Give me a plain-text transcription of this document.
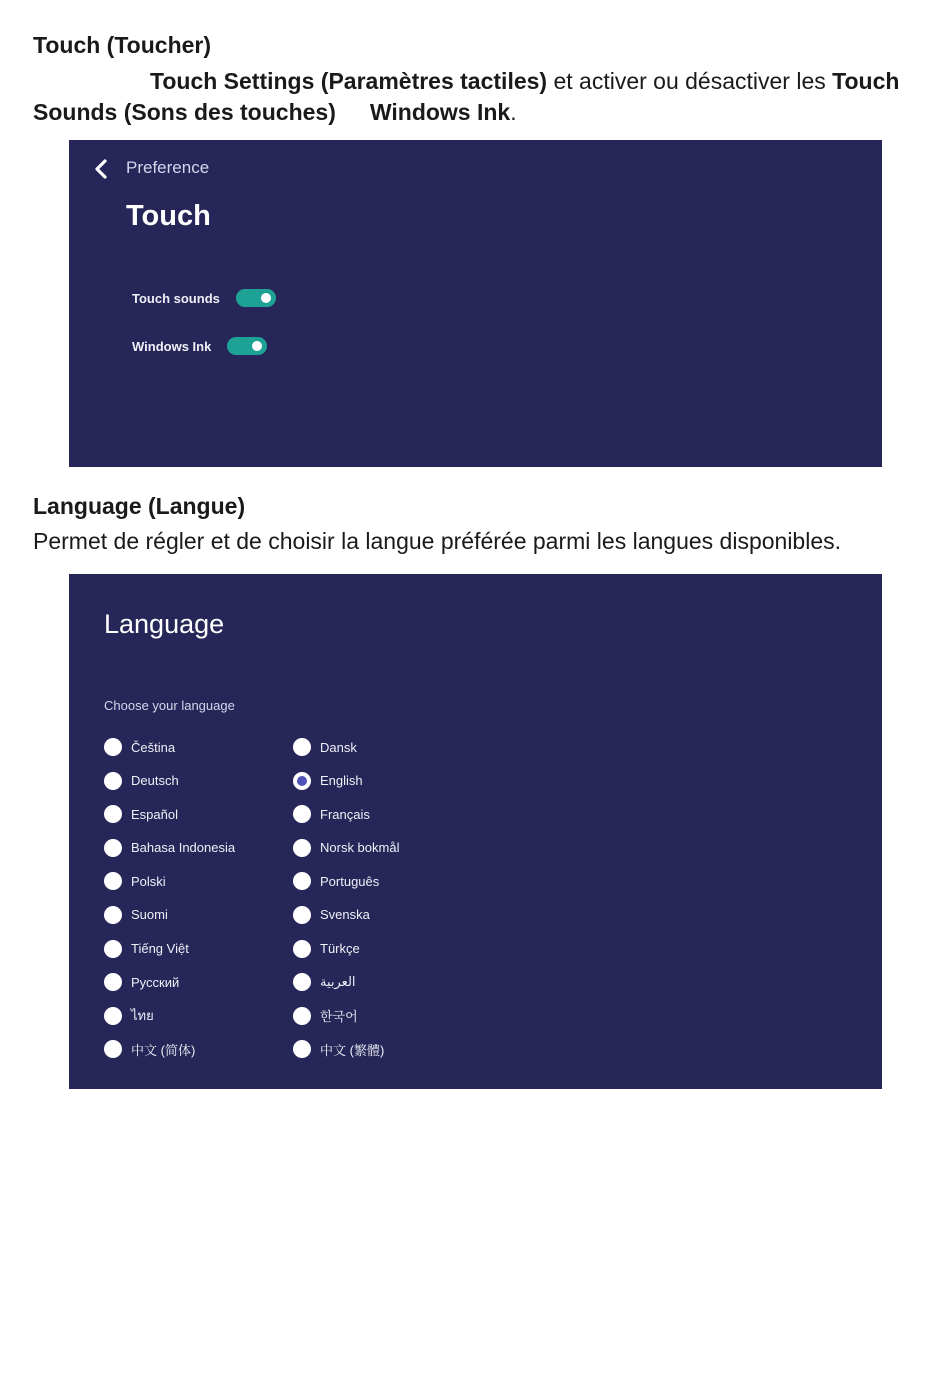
Touch (Toucher)
Touch Settings (Paramètres tactiles) et activer ou désactiver les Touch Sounds (Sons des touches) Windows Ink.
Preference
Touch
Touch sounds
Windows Ink
Language (Langue)
Permet de régler et de choisir la langue préférée parmi les langues disponibles.
Language
Choose your language
Čeština	Dansk
Deutsch	English
Español	Français
Bahasa Indonesia	Norsk bokmål
Polski	Português
Suomi	Svenska
Tiếng Việt	Türkçe
Русский	العربية
ไทย	한국어
中文 (简体)	中文 (繁體)
